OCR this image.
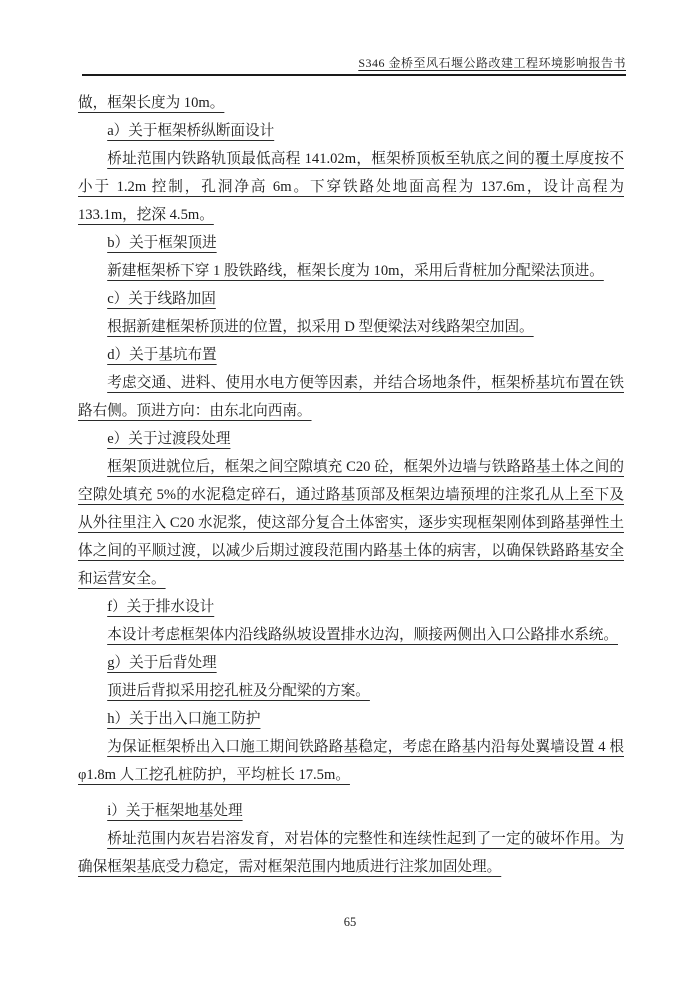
S346 金桥至风石堰公路改建工程环境影响报告书

做，框架长度为 10m。

a）关于框架桥纵断面设计

桥址范围内铁路轨顶最低高程 141.02m，框架桥顶板至轨底之间的覆土厚度按不小于 1.2m 控制，孔洞净高 6m。下穿铁路处地面高程为 137.6m，设计高程为 133.1m，挖深 4.5m。

b）关于框架顶进

新建框架桥下穿 1 股铁路线，框架长度为 10m，采用后背桩加分配梁法顶进。

c）关于线路加固

根据新建框架桥顶进的位置，拟采用 D 型便梁法对线路架空加固。

d）关于基坑布置

考虑交通、进料、使用水电方便等因素，并结合场地条件，框架桥基坑布置在铁路右侧。顶进方向：由东北向西南。

e）关于过渡段处理

框架顶进就位后，框架之间空隙填充 C20 砼，框架外边墙与铁路路基土体之间的空隙处填充 5%的水泥稳定碎石，通过路基顶部及框架边墙预埋的注浆孔从上至下及从外往里注入 C20 水泥浆，使这部分复合土体密实，逐步实现框架刚体到路基弹性土体之间的平顺过渡，以减少后期过渡段范围内路基土体的病害，以确保铁路路基安全和运营安全。

f）关于排水设计

本设计考虑框架体内沿线路纵坡设置排水边沟，顺接两侧出入口公路排水系统。

g）关于后背处理

顶进后背拟采用挖孔桩及分配梁的方案。

h）关于出入口施工防护

为保证框架桥出入口施工期间铁路路基稳定，考虑在路基内沿每处翼墙设置 4 根 φ1.8m 人工挖孔桩防护，平均桩长 17.5m。

i）关于框架地基处理

桥址范围内灰岩岩溶发育，对岩体的完整性和连续性起到了一定的破坏作用。为确保框架基底受力稳定，需对框架范围内地质进行注浆加固处理。

65
